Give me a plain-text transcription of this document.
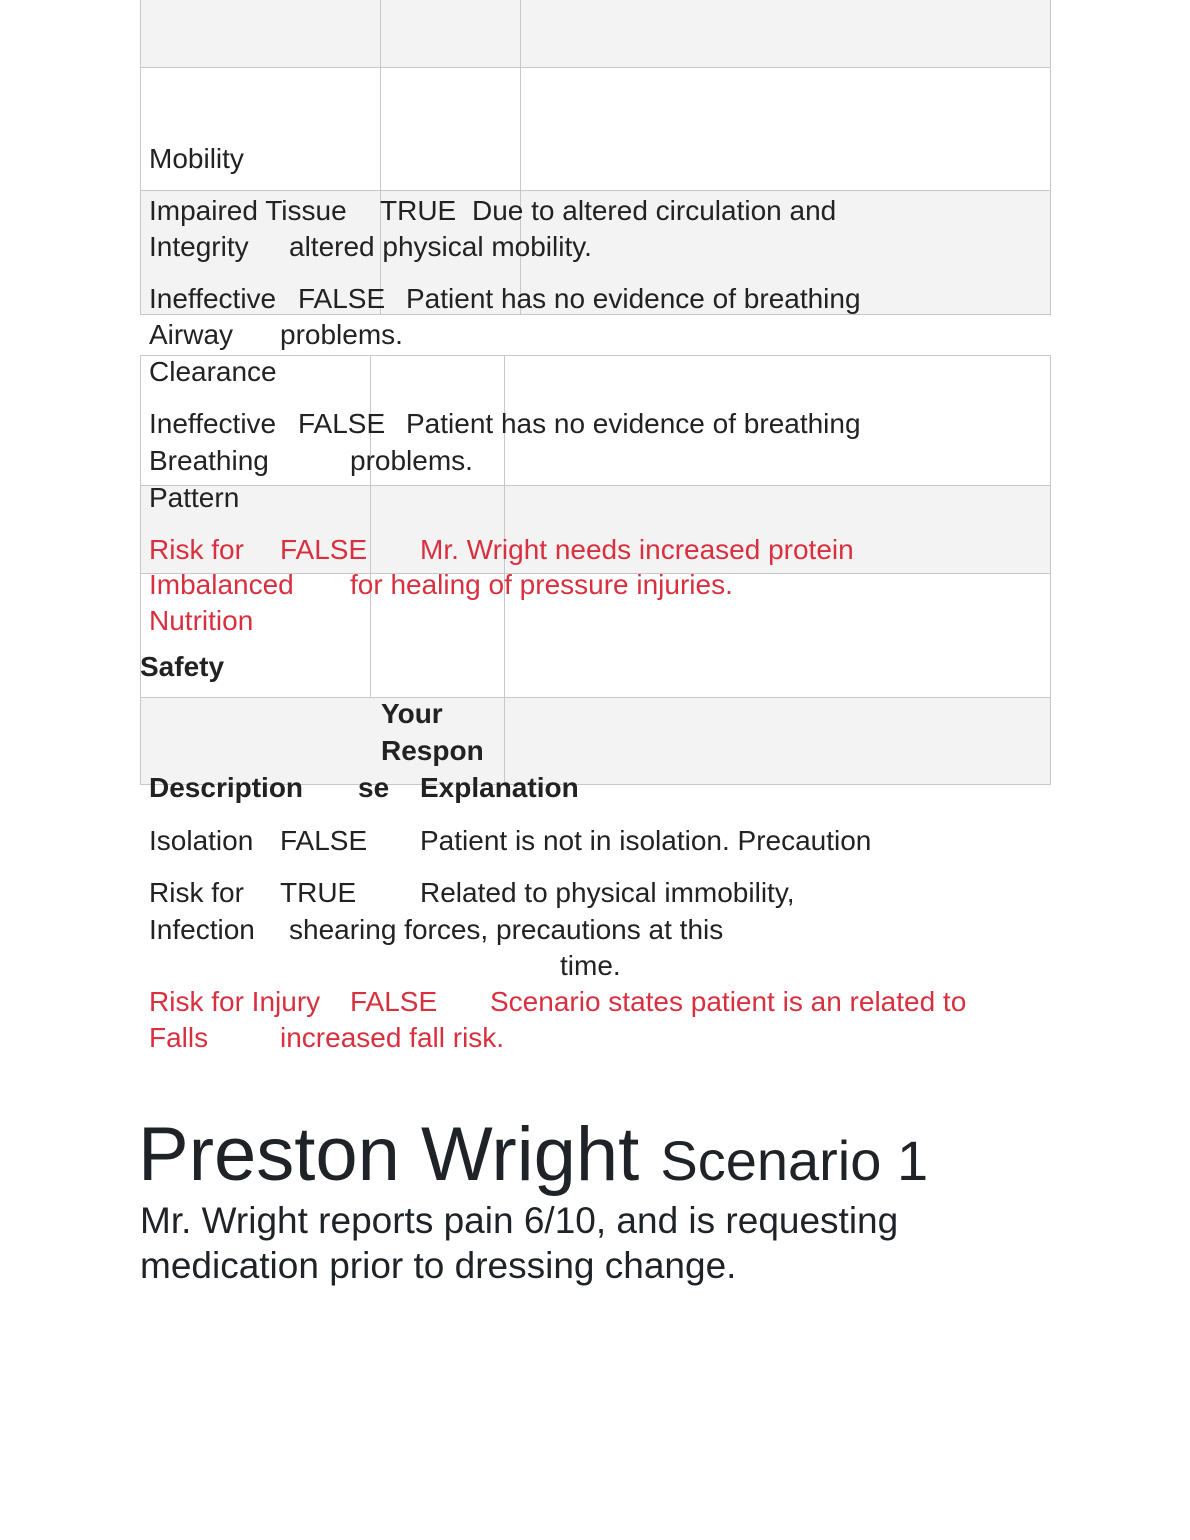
Mobility
Impaired Tissue
Integrity
TRUE Due to altered circulation and
altered physical mobility.
Ineffective
Airway
Clearance
FALSE Patient has no evidence of breathing
problems.
Ineffective
Breathing
Pattern
FALSE Patient has no evidence of breathing
problems.
Risk for
Imbalanced
Nutrition
FALSE Mr. Wright needs increased protein
for healing of pressure injuries.
Safety
Your
Respon
Description se Explanation
Isolation FALSE Patient is not in isolation. Precaution
Risk for
Infection
TRUE Related to physical immobility,
shearing forces, precautions at this
time.
Risk for Injury
Falls
FALSE Scenario states patient is an related to
increased fall risk.
Preston Wright Scenario 1
Mr. Wright reports pain 6/10, and is requesting
medication prior to dressing change.
